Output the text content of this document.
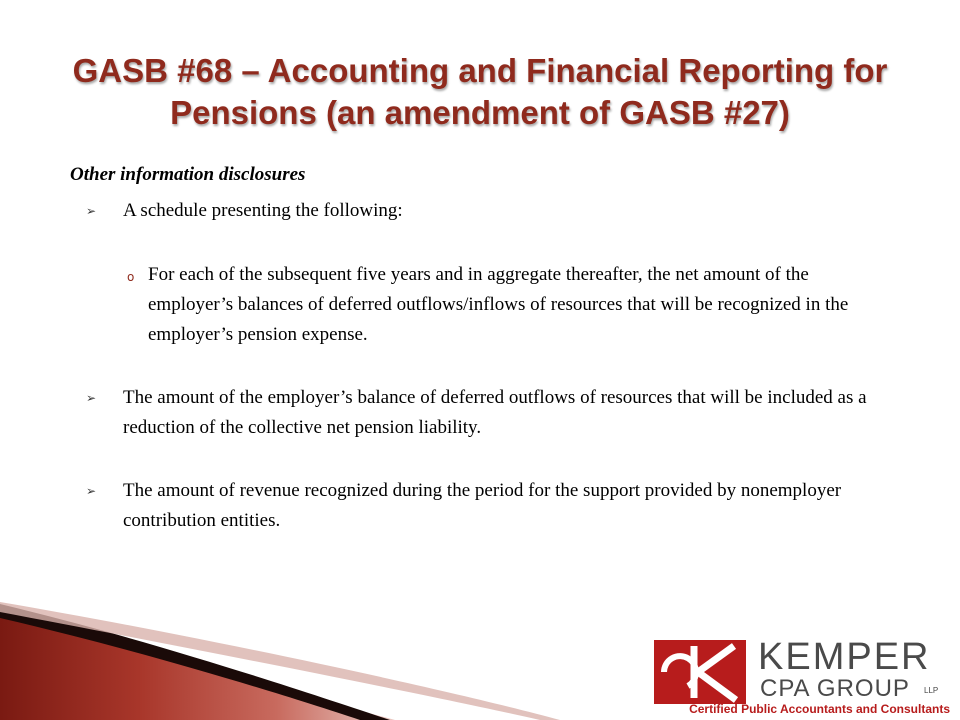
GASB #68 – Accounting and Financial Reporting for Pensions (an amendment of GASB #27)

Other information disclosures

➢ A schedule presenting the following:
o For each of the subsequent five years and in aggregate thereafter, the net amount of the employer’s balances of deferred outflows/inflows of resources that will be recognized in the employer’s pension expense.
➢ The amount of the employer’s balance of deferred outflows of resources that will be included as a reduction of the collective net pension liability.
➢ The amount of revenue recognized during the period for the support provided by nonemployer contribution entities.
KEMPER
CPA GROUP LLP
Certified Public Accountants and Consultants
